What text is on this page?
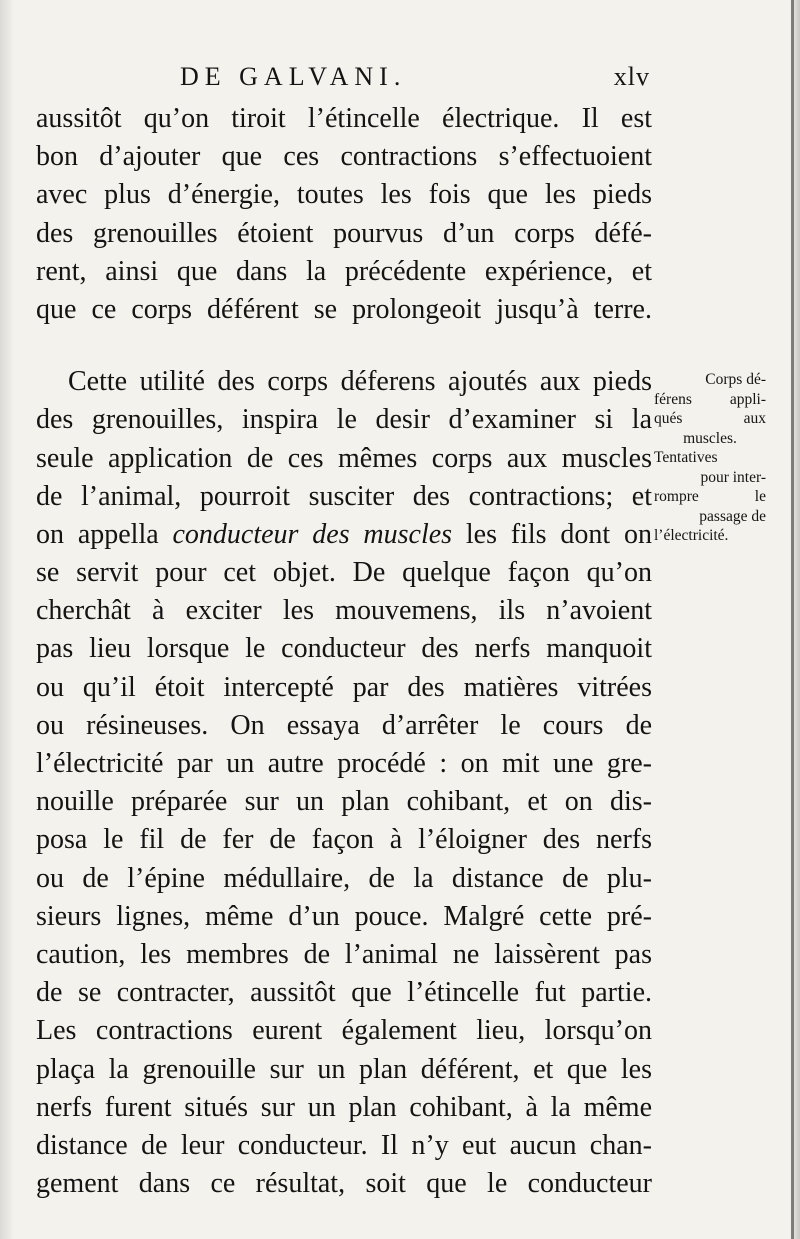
DE GALVANI.	xlv
aussitôt qu’on tiroit l’étincelle électrique. Il est
bon d’ajouter que ces contractions s’effectuoient
avec plus d’énergie, toutes les fois que les pieds
des grenouilles étoient pourvus d’un corps défé-
rent, ainsi que dans la précédente expérience, et
que ce corps déférent se prolongeoit jusqu’à terre.
Cette utilité des corps déferens ajoutés aux pieds
des grenouilles, inspira le desir d’examiner si la
seule application de ces mêmes corps aux muscles
de l’animal, pourroit susciter des contractions; et
on appella conducteur des muscles les fils dont on
se servit pour cet objet. De quelque façon qu’on
cherchât à exciter les mouvemens, ils n’avoient
pas lieu lorsque le conducteur des nerfs manquoit
ou qu’il étoit intercepté par des matières vitrées
ou résineuses. On essaya d’arrêter le cours de
l’électricité par un autre procédé : on mit une gre-
nouille préparée sur un plan cohibant, et on dis-
posa le fil de fer de façon à l’éloigner des nerfs
ou de l’épine médullaire, de la distance de plu-
sieurs lignes, même d’un pouce. Malgré cette pré-
caution, les membres de l’animal ne laissèrent pas
de se contracter, aussitôt que l’étincelle fut partie.
Les contractions eurent également lieu, lorsqu’on
plaça la grenouille sur un plan déférent, et que les
nerfs furent situés sur un plan cohibant, à la même
distance de leur conducteur. Il n’y eut aucun chan-
gement dans ce résultat, soit que le conducteur
Corps dé-
férens appli-
qués aux
muscles.
Tentatives
pour inter-
rompre le
passage de
l’électricité.
